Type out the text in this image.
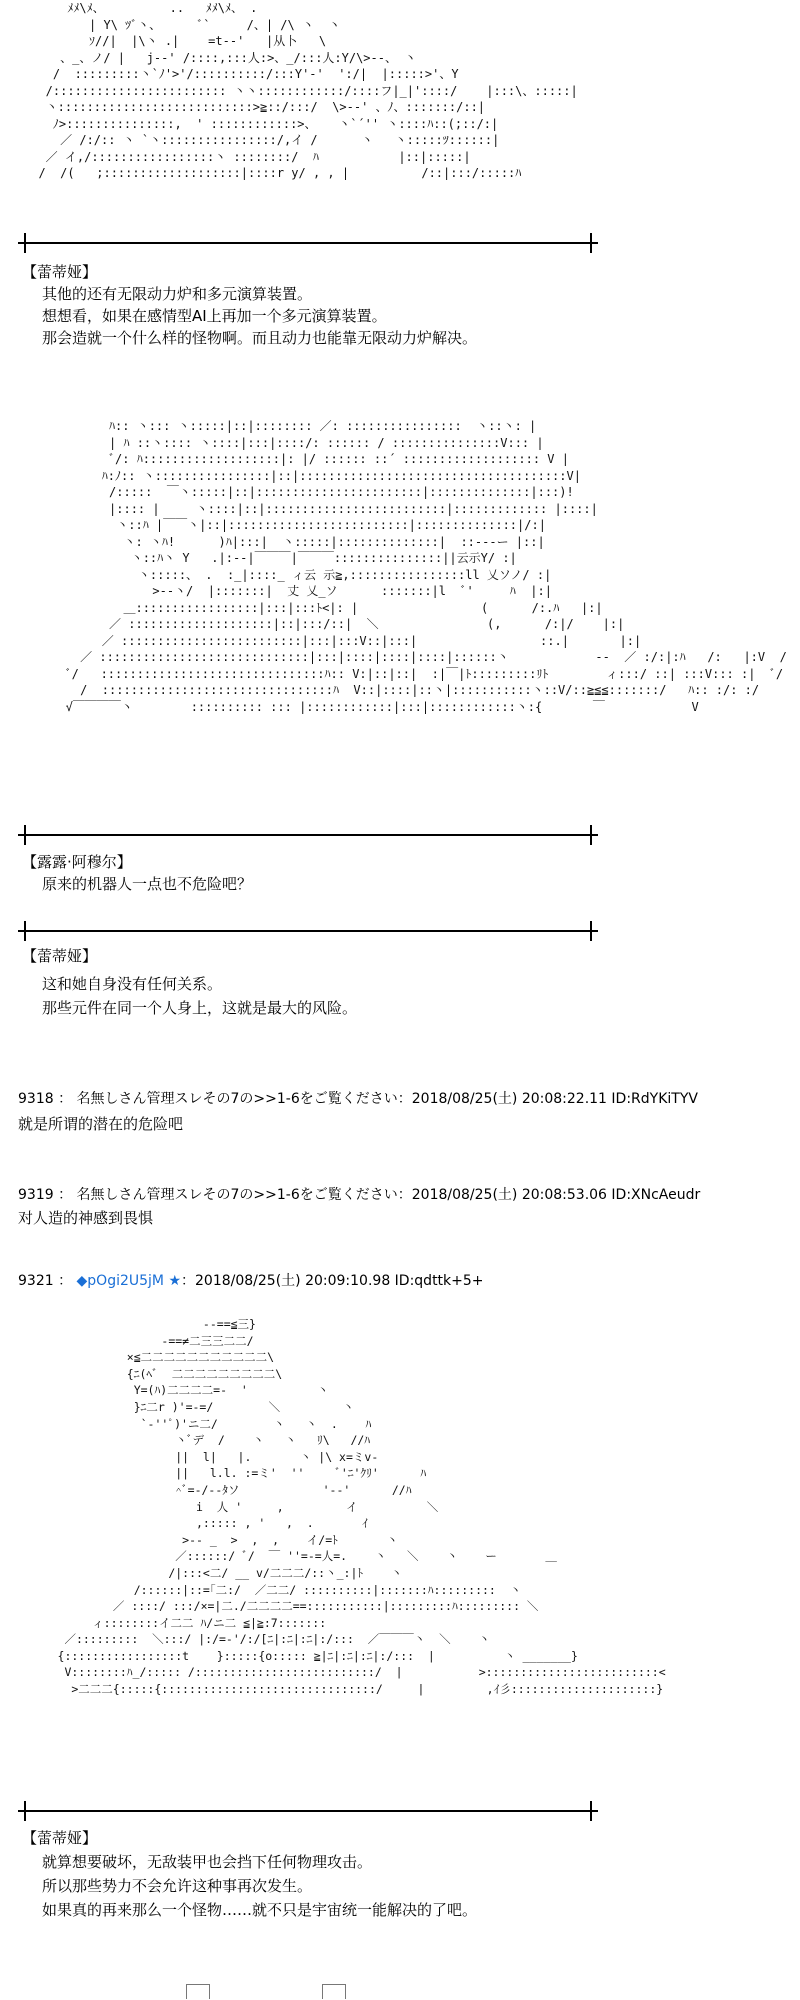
ﾒﾒ\ﾒ、         ..   ﾒﾒ\ﾒ、 .
| Y\ ﾂﾞ丶、     ﾞ`     /、| /\ 丶  丶
ｿ//|  |\丶 .|    =t--'   |从卜   \
、_、ノ/ |   j--' /::::,:::人:>、_/:::人:Y/\>--、 丶
/  :::::::::丶`ﾉ'>'/::::::::::/:::Y'-'  ':/|  |:::::>'、Y
/:::::::::::::::::::::::: 丶丶::::::::::::/::::フ|_|'::::/    |:::\、:::::|
丶:::::::::::::::::::::::::::>≧::/:::/  \>--' 、ﾉ、:::::::/::|
ﾉ>:::::::::::::::,  ' ::::::::::::>、   丶`´'' 丶::::ﾊ::(;::/:|
／ /:/:: 丶 `丶::::::::::::::::/,イ /      丶   丶:::::ﾂ::::::|
／ イ,/:::::::::::::::::丶 ::::::::/  ﾊ           |::|:::::|
/  /(   ;:::::::::::::::::::|::::r y/ , , |          /::|:::/:::::ﾊ
【蕾蒂娅】
其他的还有无限动力炉和多元演算装置。
想想看，如果在感情型AI上再加一个多元演算装置。
那会造就一个什么样的怪物啊。而且动力也能靠无限动力炉解决。
ﾊ:: 丶::: 丶:::::|::|:::::::: ／: ::::::::::::::::  丶::丶: |
| ﾊ ::丶:::: 丶::::|:::|::::/: :::::: / :::::::::::::::V::: |
ﾞ/: ﾊ:::::::::::::::::::|: |/ :::::: ::´ ::::::::::::::::::: V |
ﾊ:ﾉ:: 丶::::::::::::::::|::|:::::::::::::::::::::::::::::::::::::V|
/:::::  ￣丶:::::|::|:::::::::::::::::::::::|::::::::::::::|:::)!
|:::: |     丶::::|::|:::::::::::::::::::::::::|::::::::::::: |::::|
丶::ﾊ |￣￣丶|::|:::::::::::::::::::::::::|::::::::::::::|/:|
丶: 丶ﾊ!      )ﾊ|:::|  丶:::::|::::::::::::::|  ::---ー |::|
丶::ﾊ丶 Y   .|:--|￣￣￣|￣￣￣:::::::::::::::||云示Y/ :|
丶:::::、 .  :_|::::_ ィ云 示≧,::::::::::::::::ll 乂ソノ/ :|
>--丶/  |:::::::|  丈 乂_ソ      :::::::|l  ﾞ'     ﾊ  |:|
＿:::::::::::::::::|:::|:::ﾄ<|: |                 (      /:.ﾊ   |:|
／ ::::::::::::::::::::|::|:::/::|  ＼               (,      /:|/    |:|
／ :::::::::::::::::::::::::|:::|:::V::|:::|                 ::.|       |:|
／ :::::::::::::::::::::::::::::|:::|::::|::::|::::|::::::丶            --  ／ :/:|:ﾊ   /:   |:V  /
ﾞ/   :::::::::::::::::::::::::::::::ﾊ:: V:|::|::|  :|￣|ﾄ:::::::::ﾘﾄ        ィ:::/ ::| :::V::: :|  ﾞ/
/  ::::::::::::::::::::::::::::::::ﾊ  V::|::::|::丶|:::::::::::丶::V/::≧≦≦:::::::/   ﾊ:: :/: :/
√￣￣￣￣丶        :::::::::: ::: |::::::::::::|:::|::::::::::::丶:{       ￣            V
【露露·阿穆尔】
原来的机器人一点也不危险吧？
【蕾蒂娅】
这和她自身没有任何关系。
那些元件在同一个人身上，这就是最大的风险。
9318 ： 名無しさん管理スレその7の>>1-6をご覧ください：2018/08/25(土) 20:08:22.11 ID:RdYKiTYV
就是所谓的潜在的危险吧
9319 ： 名無しさん管理スレその7の>>1-6をご覧ください：2018/08/25(土) 20:08:53.06 ID:XNcAeudr
对人造的神感到畏惧
9321 ： ◆pOgi2U5jM ★：2018/08/25(土) 20:09:10.98 ID:qdttk+5+
--==≦三}
-==≠二三三二二/
×≦二二二二二二二二二二二\
{ﾆ(ﾍﾞ  二二二二二二二二二\
Y=(ﾊ)二二二二=-  '          丶
}ﾆ二r )'=-=/        ＼         丶
`-''ﾟ)'ニ二/        丶   丶  .    ﾊ
丶ﾞデ  /    丶   丶   ﾘ\   //ﾊ
||  l|   |.       丶 |\ x=ミv-
||   l.l. :=ミ'  ''     ﾞ'ﾆ'ｸﾘ'      ﾊ
^ﾞ=-/--ﾀソ            '--'      //ﾊ
i  人 '     ,         イ          ＼
,::::: , '   ,  .       ｲ
>-- _  >  ,  ,    イ/=ﾄ       丶
／::::::/ ﾞ/  ￣ ''=-=人=.    丶   ＼    丶    ー       ＿
/|:::<二/ __ v/二二二/::丶_:|ﾄ    丶
/::::::|::=｢二:/  ／二二/ ::::::::::|:::::::ﾊ:::::::::  丶
／ ::::/ :::/×=|二./二二二二==:::::::::::|:::::::::ﾊ::::::::: ＼
ィ::::::::イ二二 ﾊ/ニ二 ≦|≧:7:::::::
／:::::::::  ＼:::/ |:/=-'/:/[ﾆ|:ﾆ|:ﾆ|:/:::  ／￣￣￣丶  ＼    丶
{:::::::::::::::::t    }:::::{o::::: ≧|ﾆ|:ﾆ|:ﾆ|:/:::  |          丶 _______}
V::::::::ﾊ_/::::: /::::::::::::::::::::::::::/  |           >:::::::::::::::::::::::::<
>二二二{:::::{:::::::::::::::::::::::::::::::/     |         ,ｲ彡:::::::::::::::::::::}
【蕾蒂娅】
就算想要破坏，无敌装甲也会挡下任何物理攻击。
所以那些势力不会允许这种事再次发生。
如果真的再来那么一个怪物……就不只是宇宙统一能解决的了吧。
